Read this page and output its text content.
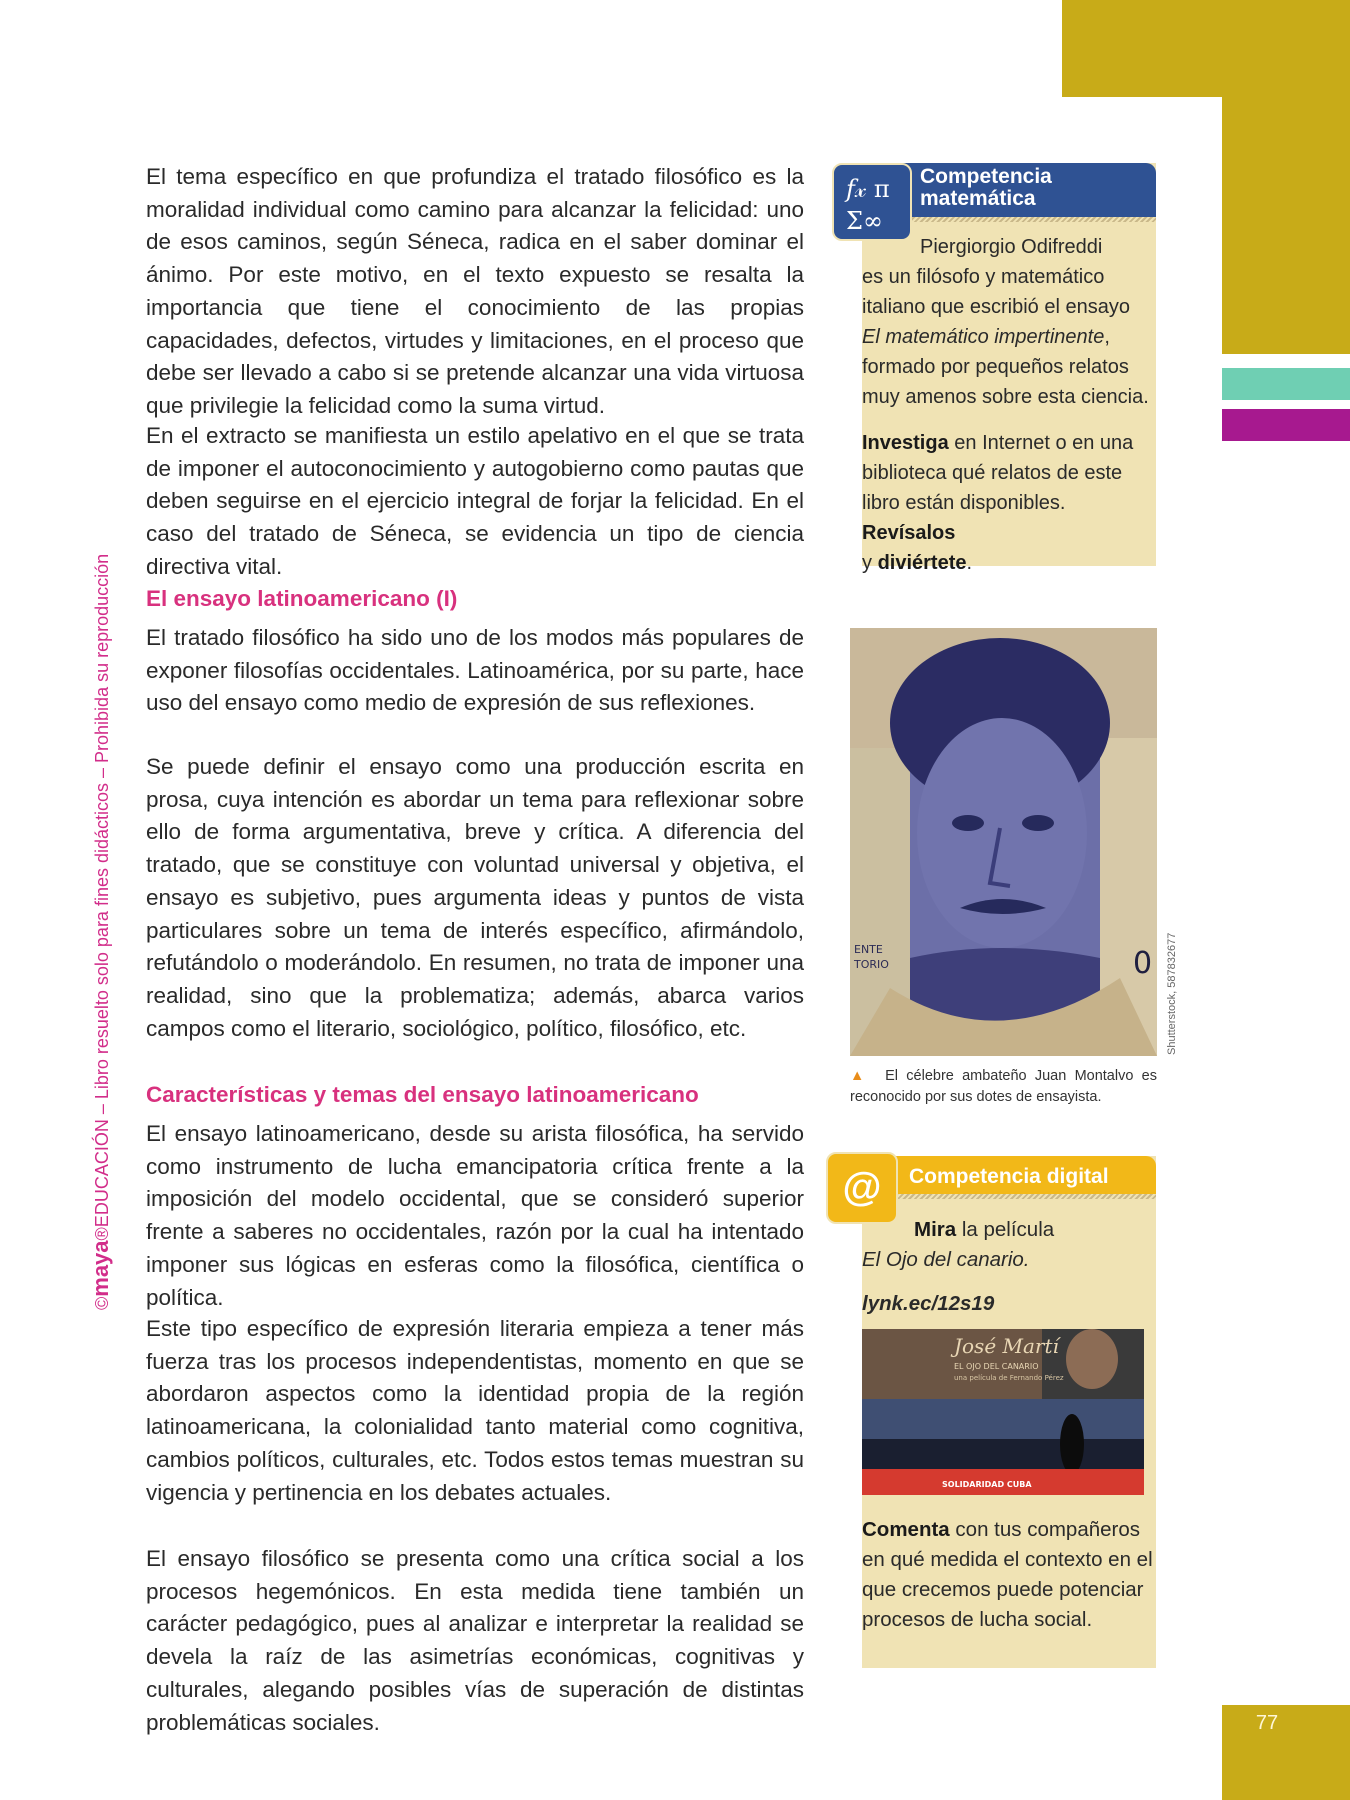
77
©maya®EDUCACIÓN – Libro resuelto solo para fines didácticos – Prohibida su reproducción

El tema específico en que profundiza el tratado filosófico es la moralidad individual como camino para alcanzar la felicidad: uno de esos caminos, según Séneca, radica en el saber dominar el ánimo. Por este motivo, en el texto expuesto se resalta la importancia que tiene el conocimiento de las propias capacidades, defectos, virtudes y limitaciones, en el proceso que debe ser llevado a cabo si se pretende alcanzar una vida virtuosa que privilegie la felicidad como la suma virtud.

En el extracto se manifiesta un estilo apelativo en el que se trata de imponer el autoconocimiento y autogobierno como pautas que deben seguirse en el ejercicio integral de forjar la felicidad. En el caso del tratado de Séneca, se evidencia un tipo de ciencia directiva vital.

El ensayo latinoamericano (I)

El tratado filosófico ha sido uno de los modos más populares de exponer filosofías occidentales. Latinoamérica, por su parte, hace uso del ensayo como medio de expresión de sus reflexiones.

Se puede definir el ensayo como una producción escrita en prosa, cuya intención es abordar un tema para reflexionar sobre ello de forma argumentativa, breve y crítica. A diferencia del tratado, que se constituye con voluntad universal y objetiva, el ensayo es subjetivo, pues argumenta ideas y puntos de vista particulares sobre un tema de interés específico, afirmándolo, refutándolo o moderándolo. En resumen, no trata de imponer una realidad, sino que la problematiza; además, abarca varios campos como el literario, sociológico, político, filosófico, etc.

Características y temas del ensayo latinoamericano

El ensayo latinoamericano, desde su arista filosófica, ha servido como instrumento de lucha emancipatoria crítica frente a la imposición del modelo occidental, que se consideró superior frente a saberes no occidentales, razón por la cual ha intentado imponer sus lógicas en esferas como la filosófica, científica o política.

Este tipo específico de expresión literaria empieza a tener más fuerza tras los procesos independentistas, momento en que se abordaron aspectos como la identidad propia de la región latinoamericana, la colonialidad tanto material como cognitiva, cambios políticos, culturales, etc. Todos estos temas muestran su vigencia y pertinencia en los debates actuales.

El ensayo filosófico se presenta como una crítica social a los procesos hegemónicos. En esta medida tiene también un carácter pedagógico, pues al analizar e interpretar la realidad se devela la raíz de las asimetrías económicas, cognitivas y culturales, alegando posibles vías de superación de distintas problemáticas sociales.

𝑓𝓍 π
Σ∞
Competencia
matemática
Piergiorgio Odifreddi
es un filósofo y matemático
italiano que escribió el ensayo
El matemático impertinente,
formado por pequeños relatos
muy amenos sobre esta ciencia.
Investiga en Internet o en una
biblioteca qué relatos de este
libro están disponibles. Revísalos
y diviértete.
ENTE
TORIO	0 Shutterstock, 587832677

▲ El célebre ambateño Juan Montalvo es reconocido por sus dotes de ensayista.

@	Competencia digital
Mira la película
El Ojo del canario.
lynk.ec/12s19
José Martí
EL OJO DEL CANARIO
una película de Fernando Pérez
SOLIDARIDAD CUBA
Comenta con tus compañeros en qué medida el contexto en el que crecemos puede potenciar procesos de lucha social.
